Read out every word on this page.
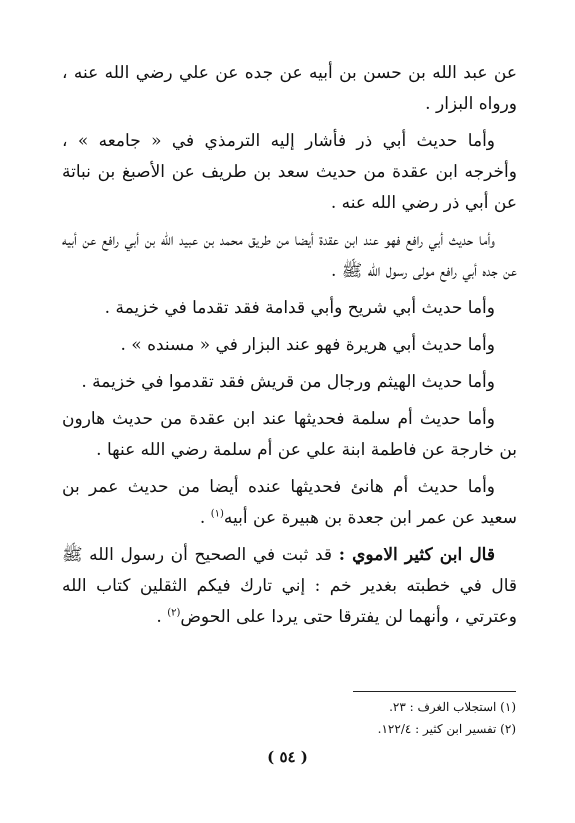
عن عبد الله بن حسن بن أبيه عن جده عن علي رضي الله عنه ، ورواه البزار .

وأما حديث أبي ذر فأشار إليه الترمذي في « جامعه » ، وأخرجه ابن عقدة من حديث سعد بن طريف عن الأصبغ بن نباتة عن أبي ذر رضي الله عنه .

وأما حديث أبي رافع فهو عند ابن عقدة أيضا من طريق محمد بن عبيد الله بن أبي رافع عن أبيه عن جده أبي رافع مولى رسول الله ﷺ .

وأما حديث أبي شريح وأبي قدامة فقد تقدما في خزيمة .

وأما حديث أبي هريرة فهو عند البزار في « مسنده » .

وأما حديث الهيثم ورجال من قريش فقد تقدموا في خزيمة .

وأما حديث أم سلمة فحديثها عند ابن عقدة من حديث هارون بن خارجة عن فاطمة ابنة علي عن أم سلمة رضي الله عنها .

وأما حديث أم هانئ فحديثها عنده أيضا من حديث عمر بن سعيد عن عمر ابن جعدة بن هبيرة عن أبيه$^{(١)}$ .

قال ابن كثير الاموي : قد ثبت في الصحيح أن رسول الله ﷺ قال في خطبته بغدير خم : إني تارك فيكم الثقلين كتاب الله وعترتي ، وأنهما لن يفترقا حتى يردا على الحوض$^{(٢)}$ .

(١) استجلاب الغرف : ٢٣.

(٢) تفسير ابن كثير : ١٢٢/٤.

( ٥٤ )
